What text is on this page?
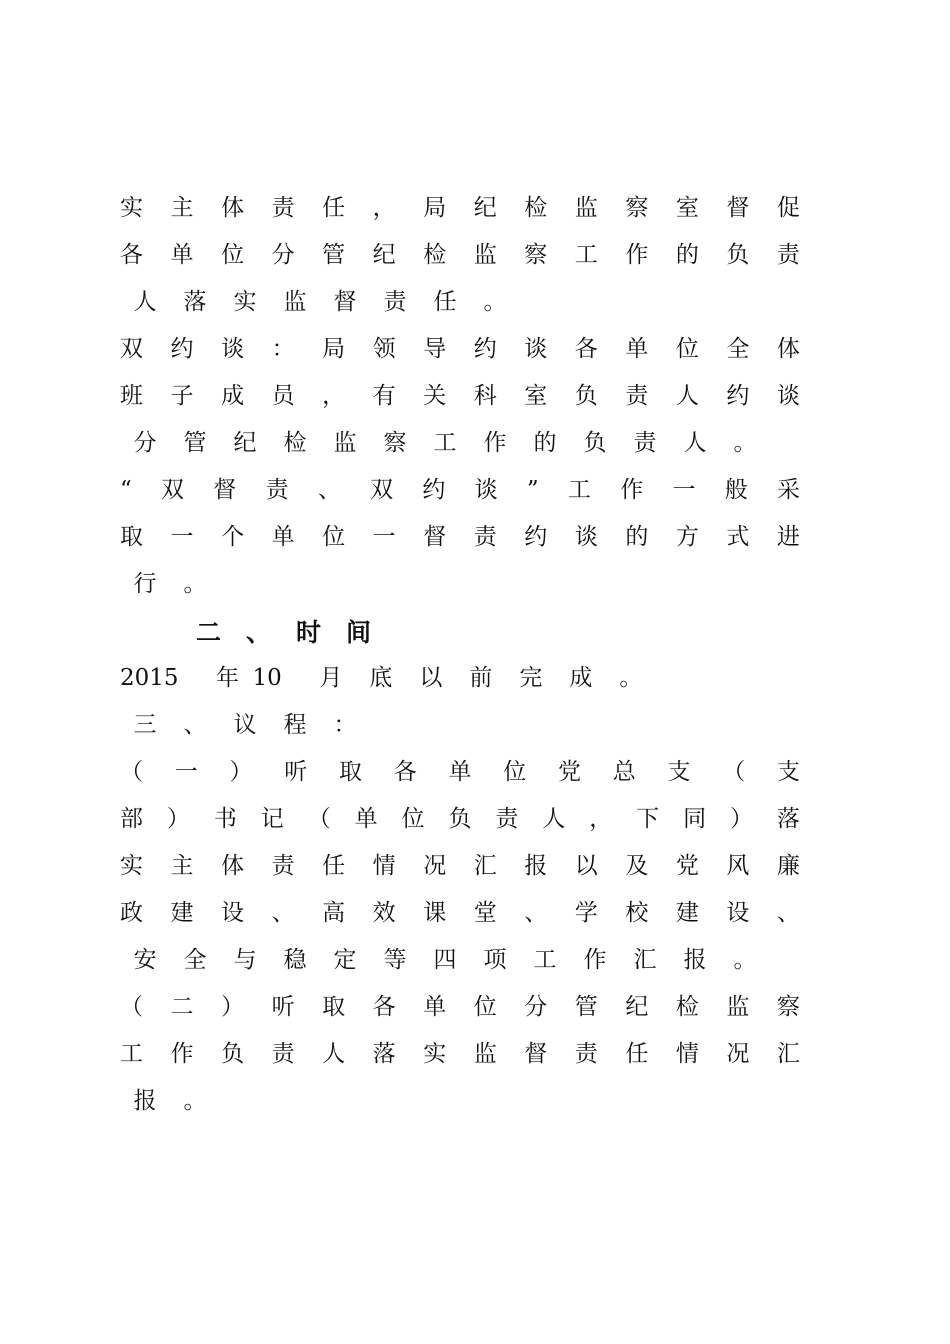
实 主 体 责 任 ， 局 纪 检 监 察 室 督 促
各 单 位 分 管 纪 检 监 察 工 作 的 负 责
人	落	实	监	督	责	任	。
双 约 谈 ： 局 领 导 约 谈 各 单 位 全 体
班 子 成 员 ， 有 关 科 室 负 责 人 约 谈
分	管	纪	检	监	察	工	作	的	负	责	人	。
“ 双 督 责 、 双 约 谈 ” 工 作 一 般 采
取 一 个 单 位 一 督 责 约 谈 的 方 式 进
行	。
二 、 时 间
2015	年 10	月	底	以	前	完	成	。
三	、	议	程	：
（ 一 ） 听 取 各 单 位 党 总 支 （ 支
部 ） 书 记 （ 单 位 负 责 人 ， 下 同 ） 落
实 主 体 责 任 情 况 汇 报 以 及 党 风 廉
政 建 设 、 高 效 课 堂 、 学 校 建 设 、
安	全	与	稳	定	等	四	项	工	作	汇	报	。
（ 二 ） 听 取 各 单 位 分 管 纪 检 监 察
工 作 负 责 人 落 实 监 督 责 任 情 况 汇
报	。
